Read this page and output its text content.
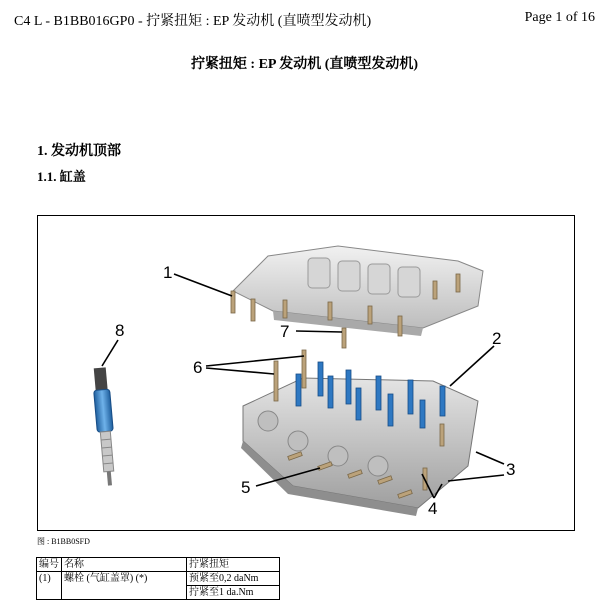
C4 L - B1BB016GP0 - 拧紧扭矩 : EP 发动机 (直喷型发动机)	Page 1 of 16
拧紧扭矩 : EP 发动机 (直喷型发动机)
1. 发动机顶部
1.1. 缸盖
1
2
3
4
5
6
7
8
图 : B1BB0SFD
编号	名称	拧紧扭矩
(1)	螺栓 (气缸盖罩) (*)	预紧至0,2 daNm
		拧紧至1 da.Nm
